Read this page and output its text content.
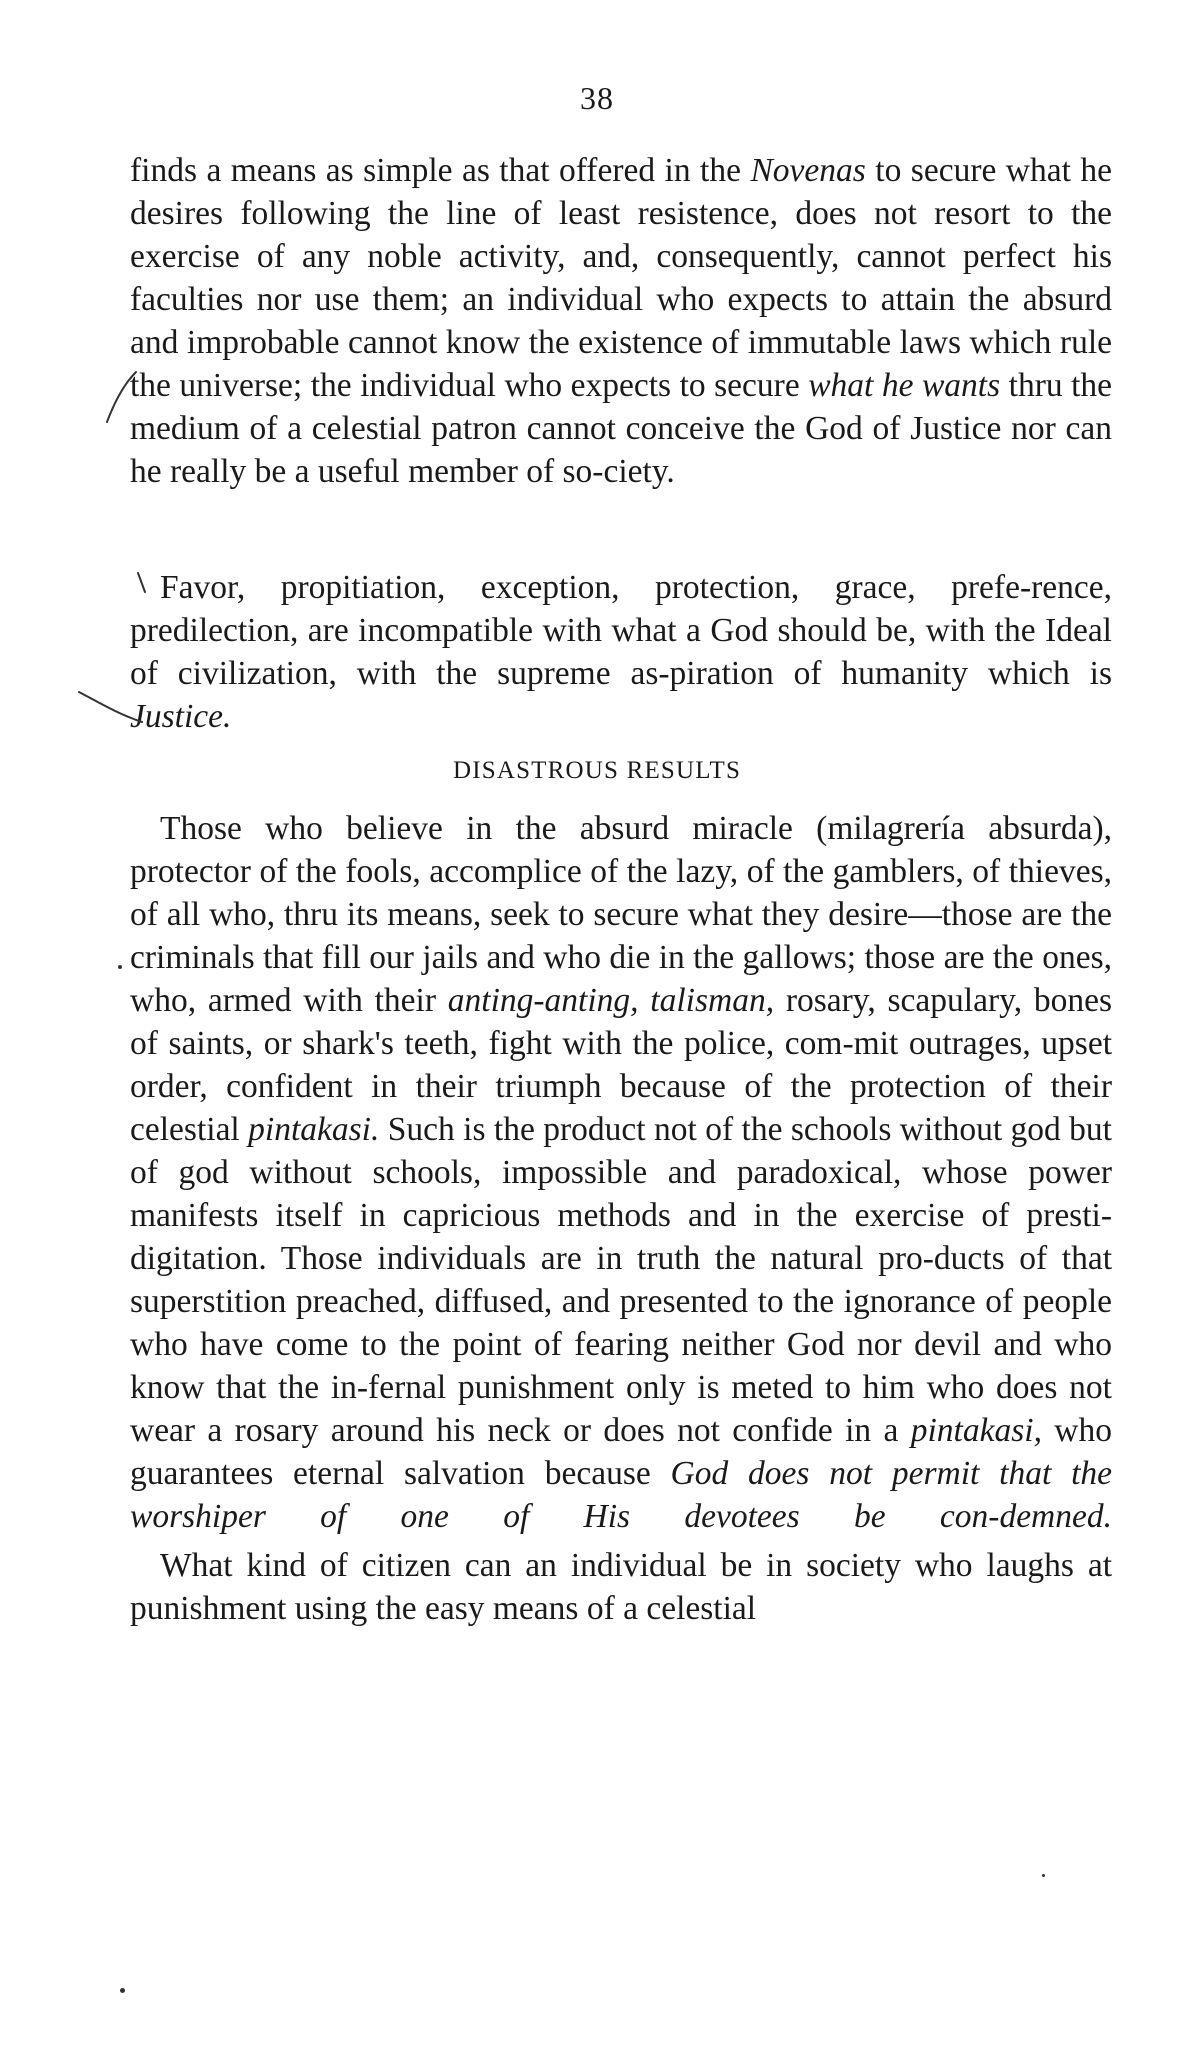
38

finds a means as simple as that offered in the Novenas to secure what he desires following the line of least resistence, does not resort to the exercise of any noble activity, and, consequently, cannot perfect his faculties nor use them; an individual who expects to attain the absurd and improbable cannot know the existence of immutable laws which rule the universe; the individual who expects to secure what he wants thru the medium of a celestial patron cannot conceive the God of Justice nor can he really be a useful member of so-ciety.

Favor, propitiation, exception, protection, grace, prefe-rence, predilection, are incompatible with what a God should be, with the Ideal of civilization, with the supreme as-piration of humanity which is Justice.

DISASTROUS RESULTS

Those who believe in the absurd miracle (milagrería absurda), protector of the fools, accomplice of the lazy, of the gamblers, of thieves, of all who, thru its means, seek to secure what they desire—those are the criminals that fill our jails and who die in the gallows; those are the ones, who, armed with their anting-anting, talisman, rosary, scapulary, bones of saints, or shark's teeth, fight with the police, com-mit outrages, upset order, confident in their triumph because of the protection of their celestial pintakasi. Such is the product not of the schools without god but of god without schools, impossible and paradoxical, whose power manifests itself in capricious methods and in the exercise of presti-digitation. Those individuals are in truth the natural pro-ducts of that superstition preached, diffused, and presented to the ignorance of people who have come to the point of fearing neither God nor devil and who know that the in-fernal punishment only is meted to him who does not wear a rosary around his neck or does not confide in a pintakasi, who guarantees eternal salvation because God does not permit that the worshiper of one of His devotees be con-demned.

What kind of citizen can an individual be in society who laughs at punishment using the easy means of a celestial
